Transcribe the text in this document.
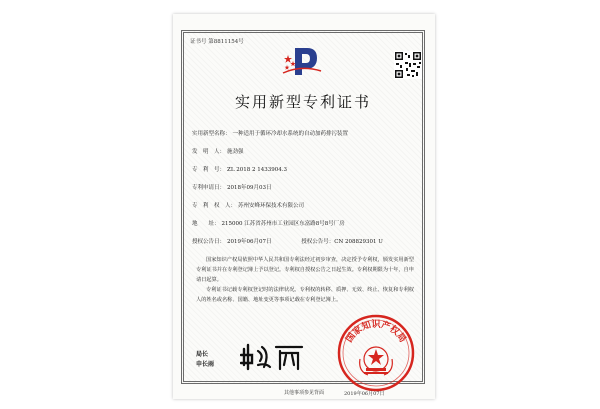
证书号 第8811154号
实用新型专利证书
实用新型名称： 一种适用于循环冷却水系统的自动加药排污装置
发　明　人： 施劲强
专　利　号： ZL 2018 2 1433904.3
专利申请日： 2018年09月03日
专　利　权　人： 苏州安峰环保技术有限公司
地　　址： 215000 江苏省苏州市工业园区东富路8号8号厂房
授权公告日： 2019年06月07日	授权公告号：CN 208829301 U
国家知识产权局依照中华人民共和国专利法经过初步审查，决定授予专利权，颁发实用新型专利证书并在专利登记簿上予以登记。专利权自授权公告之日起生效。专利权期限为十年，自申请日起算。
专利证书记载专利权登记时的法律状况。专利权的转移、质押、无效、终止、恢复和专利权人的姓名或名称、国籍、地址变更等事项记载在专利登记簿上。
局长
申长雨
国家知识产权局
2019年06月07日
其他事项参见背面
